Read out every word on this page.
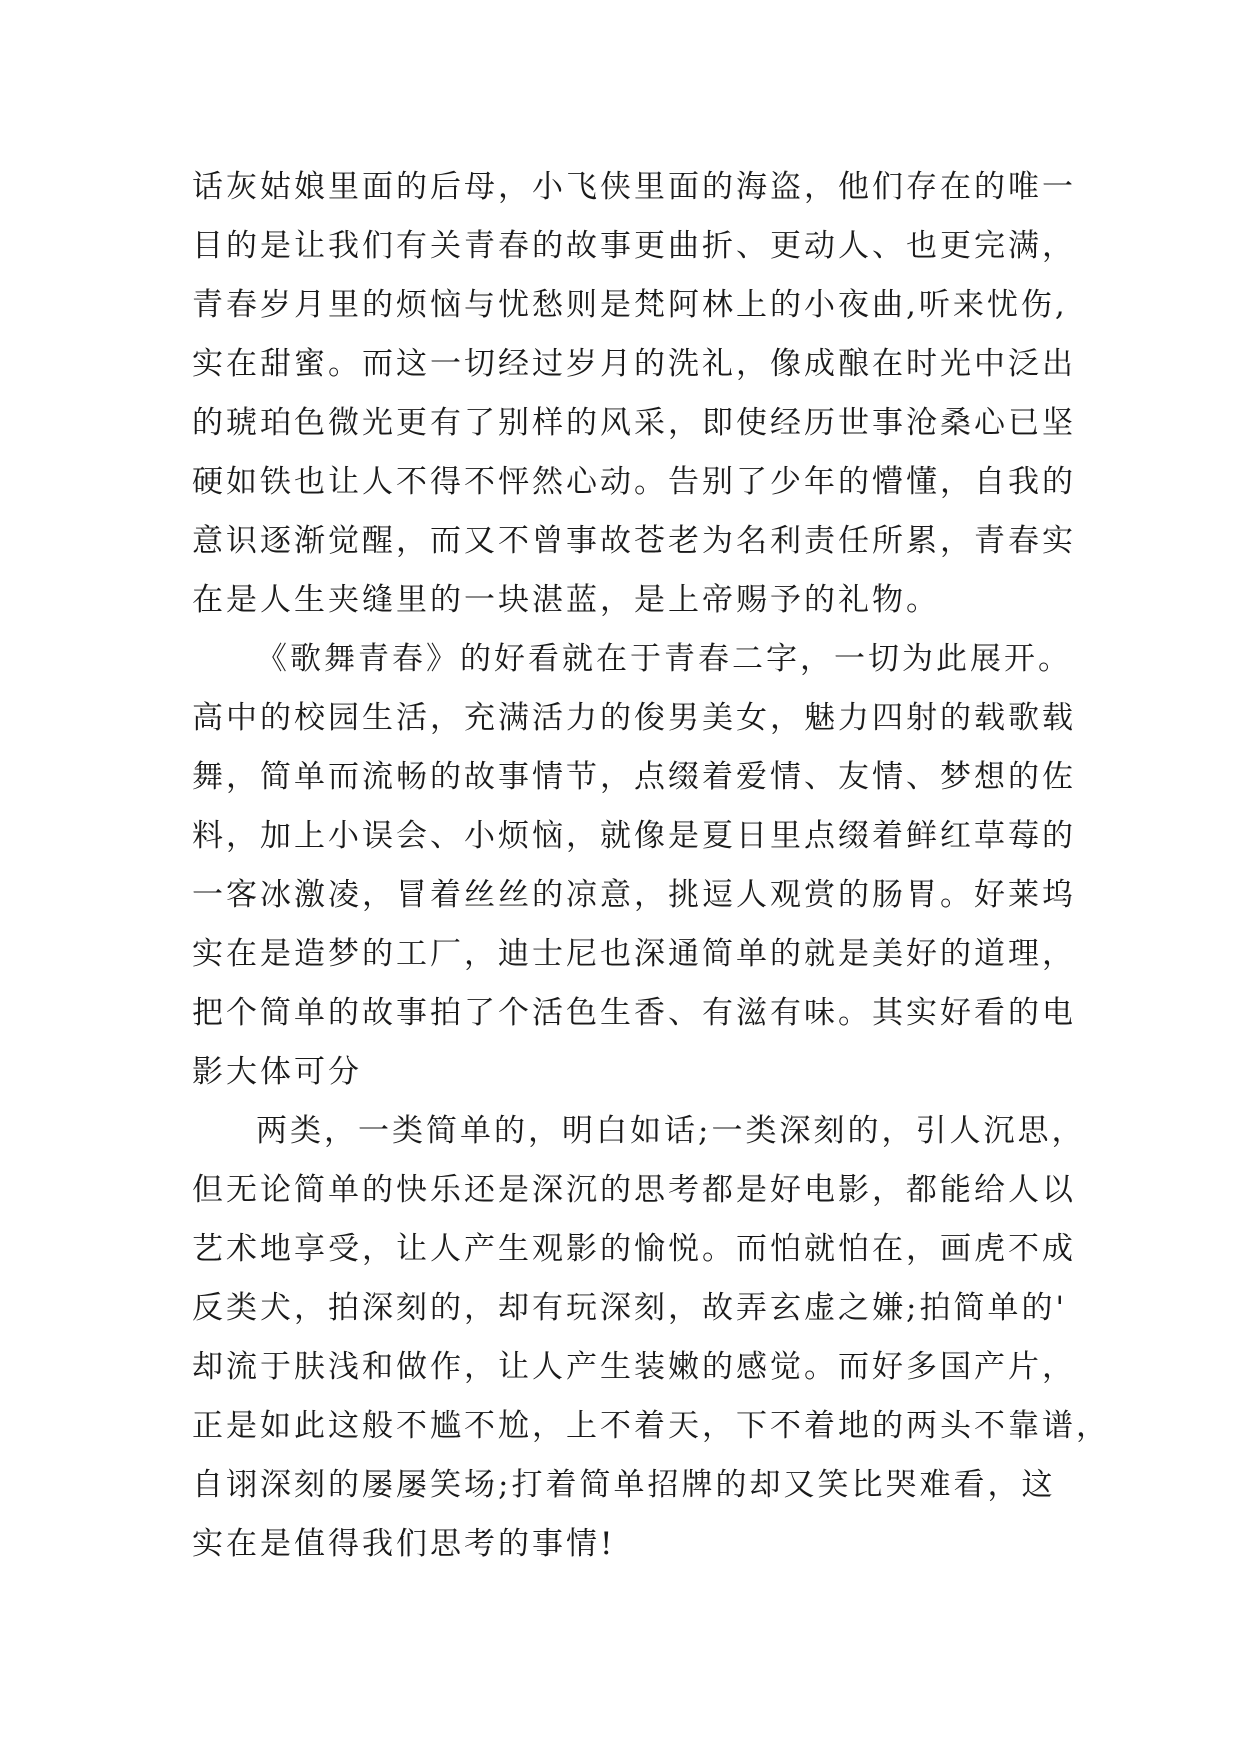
话灰姑娘里面的后母，小飞侠里面的海盗，他们存在的唯一
目的是让我们有关青春的故事更曲折、更动人、也更完满，
青春岁月里的烦恼与忧愁则是梵阿林上的小夜曲,听来忧伤,
实在甜蜜。而这一切经过岁月的洗礼，像成酿在时光中泛出
的琥珀色微光更有了别样的风采，即使经历世事沧桑心已坚
硬如铁也让人不得不怦然心动。告别了少年的懵懂，自我的
意识逐渐觉醒，而又不曾事故苍老为名利责任所累，青春实
在是人生夹缝里的一块湛蓝，是上帝赐予的礼物。
《歌舞青春》的好看就在于青春二字，一切为此展开。
高中的校园生活，充满活力的俊男美女，魅力四射的载歌载
舞，简单而流畅的故事情节，点缀着爱情、友情、梦想的佐
料，加上小误会、小烦恼，就像是夏日里点缀着鲜红草莓的
一客冰激凌，冒着丝丝的凉意，挑逗人观赏的肠胃。好莱坞
实在是造梦的工厂，迪士尼也深通简单的就是美好的道理，
把个简单的故事拍了个活色生香、有滋有味。其实好看的电
影大体可分
两类，一类简单的，明白如话;一类深刻的，引人沉思，
但无论简单的快乐还是深沉的思考都是好电影，都能给人以
艺术地享受，让人产生观影的愉悦。而怕就怕在，画虎不成
反类犬，拍深刻的，却有玩深刻，故弄玄虚之嫌;拍简单的'
却流于肤浅和做作，让人产生装嫩的感觉。而好多国产片，
正是如此这般不尴不尬，上不着天，下不着地的两头不靠谱，
自诩深刻的屡屡笑场;打着简单招牌的却又笑比哭难看，这
实在是值得我们思考的事情!
